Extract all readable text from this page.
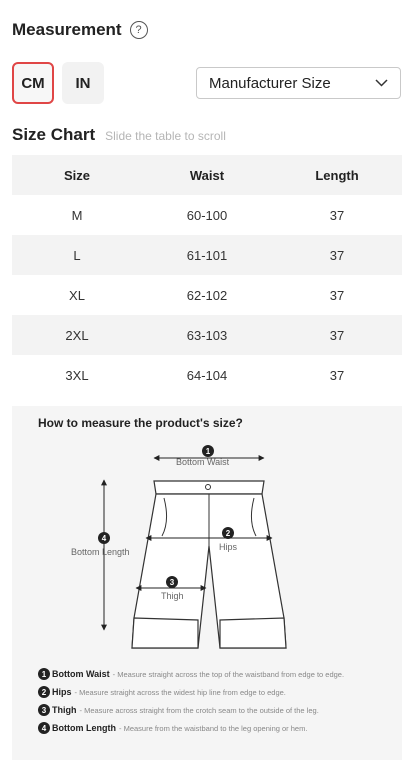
Measurement	?
CM	IN	Manufacturer Size
Size Chart Slide the table to scroll
Size	Waist	Length
M	60-100	37
L	61-101	37
XL	62-102	37
2XL	63-103	37
3XL	64-104	37
How to measure the product's size?
1
Bottom Waist
2
Hips
3
Thigh
4
Bottom Length
1 Bottom Waist - Measure straight across the top of the waistband from edge to edge.
2 Hips - Measure straight across the widest hip line from edge to edge.
3 Thigh - Measure across straight from the crotch seam to the outside of the leg.
4 Bottom Length - Measure from the waistband to the leg opening or hem.
